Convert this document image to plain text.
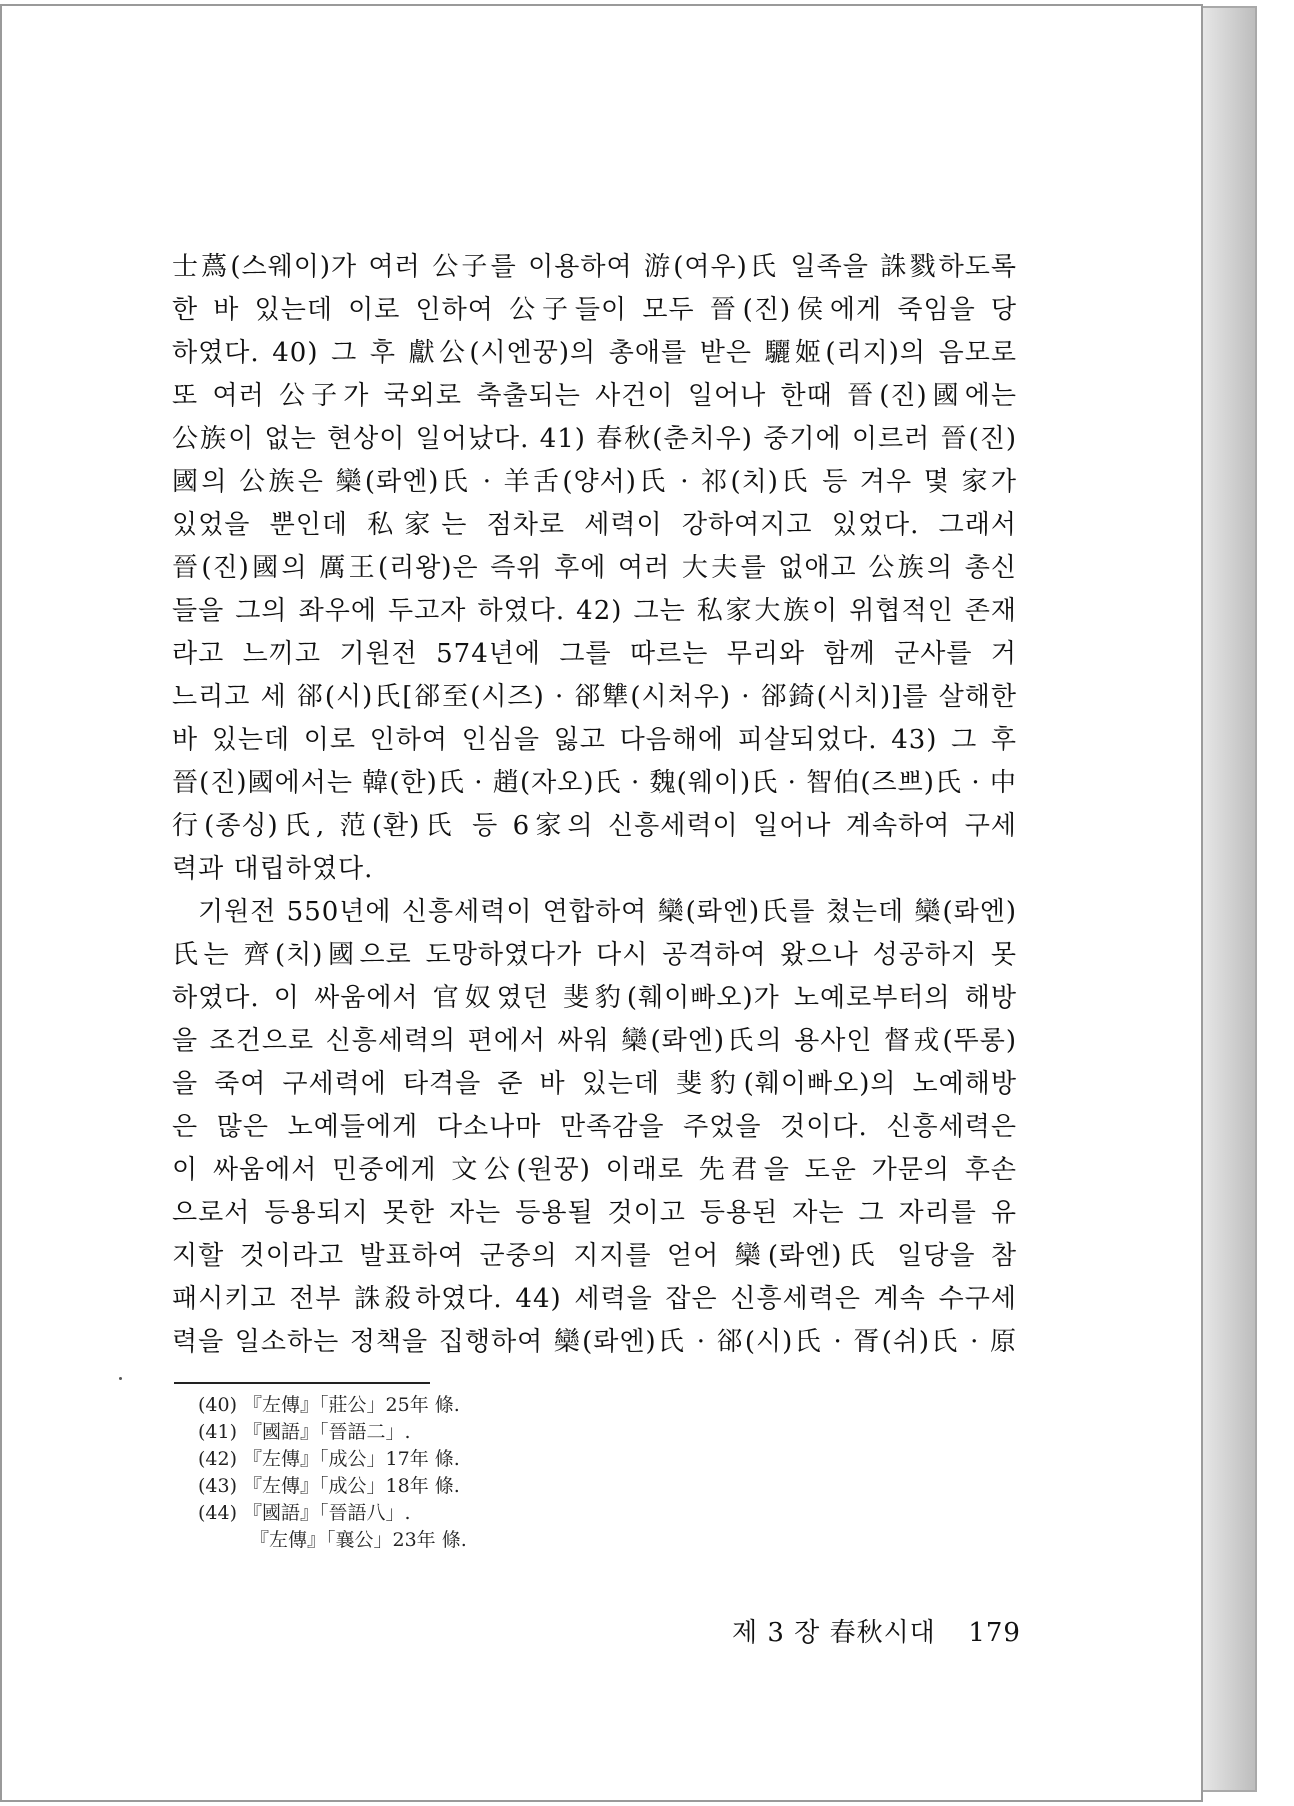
士蔿(스웨이)가 여러 公子를 이용하여 游(여우)氏 일족을 誅戮하도록
한 바 있는데 이로 인하여 公子들이 모두 晉(진)侯에게 죽임을 당
하였다. 40) 그 후 獻公(시엔꿍)의 총애를 받은 驪姬(리지)의 음모로
또 여러 公子가 국외로 축출되는 사건이 일어나 한때 晉(진)國에는
公族이 없는 현상이 일어났다. 41) 春秋(춘치우) 중기에 이르러 晉(진)
國의 公族은 欒(롸엔)氏 · 羊舌(양서)氏 · 祁(치)氏 등 겨우 몇 家가
있었을 뿐인데 私家는 점차로 세력이 강하여지고 있었다. 그래서
晉(진)國의 厲王(리왕)은 즉위 후에 여러 大夫를 없애고 公族의 총신
들을 그의 좌우에 두고자 하였다. 42) 그는 私家大族이 위협적인 존재
라고 느끼고 기원전 574년에 그를 따르는 무리와 함께 군사를 거
느리고 세 郤(시)氏[郤至(시즈) · 郤犨(시처우) · 郤錡(시치)]를 살해한
바 있는데 이로 인하여 인심을 잃고 다음해에 피살되었다. 43) 그 후
晉(진)國에서는 韓(한)氏 · 趙(자오)氏 · 魏(웨이)氏 · 智伯(즈쁘)氏 · 中
行(종싱)氏, 范(환)氏 등 6家의 신흥세력이 일어나 계속하여 구세
력과 대립하였다.
기원전 550년에 신흥세력이 연합하여 欒(롸엔)氏를 쳤는데 欒(롸엔)
氏는 齊(치)國으로 도망하였다가 다시 공격하여 왔으나 성공하지 못
하였다. 이 싸움에서 官奴였던 斐豹(훼이빠오)가 노예로부터의 해방
을 조건으로 신흥세력의 편에서 싸워 欒(롸엔)氏의 용사인 督戎(뚜롱)
을 죽여 구세력에 타격을 준 바 있는데 斐豹(훼이빠오)의 노예해방
은 많은 노예들에게 다소나마 만족감을 주었을 것이다. 신흥세력은
이 싸움에서 민중에게 文公(원꿍) 이래로 先君을 도운 가문의 후손
으로서 등용되지 못한 자는 등용될 것이고 등용된 자는 그 자리를 유
지할 것이라고 발표하여 군중의 지지를 얻어 欒(롸엔)氏 일당을 참
패시키고 전부 誅殺하였다. 44) 세력을 잡은 신흥세력은 계속 수구세
력을 일소하는 정책을 집행하여 欒(롸엔)氏 · 郤(시)氏 · 胥(쉬)氏 · 原
(40) 『左傳』「莊公」25年 條.
(41) 『國語』「晉語二」.
(42) 『左傳』「成公」17年 條.
(43) 『左傳』「成公」18年 條.
(44) 『國語』「晉語八」.
『左傳』「襄公」23年 條.
제 3 장 春秋시대 179
